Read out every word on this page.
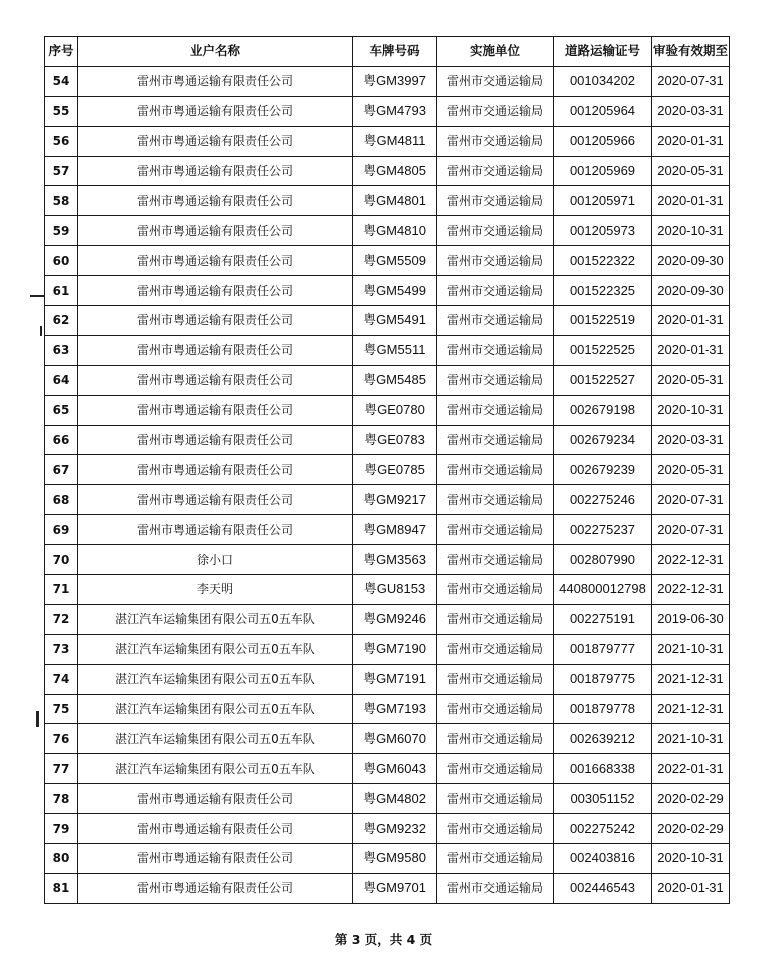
序号	业户名称	车牌号码	实施单位	道路运输证号	审验有效期至
54	雷州市粤通运输有限责任公司	粤GM3997	雷州市交通运输局	001034202	2020-07-31
55	雷州市粤通运输有限责任公司	粤GM4793	雷州市交通运输局	001205964	2020-03-31
56	雷州市粤通运输有限责任公司	粤GM4811	雷州市交通运输局	001205966	2020-01-31
57	雷州市粤通运输有限责任公司	粤GM4805	雷州市交通运输局	001205969	2020-05-31
58	雷州市粤通运输有限责任公司	粤GM4801	雷州市交通运输局	001205971	2020-01-31
59	雷州市粤通运输有限责任公司	粤GM4810	雷州市交通运输局	001205973	2020-10-31
60	雷州市粤通运输有限责任公司	粤GM5509	雷州市交通运输局	001522322	2020-09-30
61	雷州市粤通运输有限责任公司	粤GM5499	雷州市交通运输局	001522325	2020-09-30
62	雷州市粤通运输有限责任公司	粤GM5491	雷州市交通运输局	001522519	2020-01-31
63	雷州市粤通运输有限责任公司	粤GM5511	雷州市交通运输局	001522525	2020-01-31
64	雷州市粤通运输有限责任公司	粤GM5485	雷州市交通运输局	001522527	2020-05-31
65	雷州市粤通运输有限责任公司	粤GE0780	雷州市交通运输局	002679198	2020-10-31
66	雷州市粤通运输有限责任公司	粤GE0783	雷州市交通运输局	002679234	2020-03-31
67	雷州市粤通运输有限责任公司	粤GE0785	雷州市交通运输局	002679239	2020-05-31
68	雷州市粤通运输有限责任公司	粤GM9217	雷州市交通运输局	002275246	2020-07-31
69	雷州市粤通运输有限责任公司	粤GM8947	雷州市交通运输局	002275237	2020-07-31
70	徐小口	粤GM3563	雷州市交通运输局	002807990	2022-12-31
71	李天明	粤GU8153	雷州市交通运输局	440800012798	2022-12-31
72	湛江汽车运输集团有限公司五0五车队	粤GM9246	雷州市交通运输局	002275191	2019-06-30
73	湛江汽车运输集团有限公司五0五车队	粤GM7190	雷州市交通运输局	001879777	2021-10-31
74	湛江汽车运输集团有限公司五0五车队	粤GM7191	雷州市交通运输局	001879775	2021-12-31
75	湛江汽车运输集团有限公司五0五车队	粤GM7193	雷州市交通运输局	001879778	2021-12-31
76	湛江汽车运输集团有限公司五0五车队	粤GM6070	雷州市交通运输局	002639212	2021-10-31
77	湛江汽车运输集团有限公司五0五车队	粤GM6043	雷州市交通运输局	001668338	2022-01-31
78	雷州市粤通运输有限责任公司	粤GM4802	雷州市交通运输局	003051152	2020-02-29
79	雷州市粤通运输有限责任公司	粤GM9232	雷州市交通运输局	002275242	2020-02-29
80	雷州市粤通运输有限责任公司	粤GM9580	雷州市交通运输局	002403816	2020-10-31
81	雷州市粤通运输有限责任公司	粤GM9701	雷州市交通运输局	002446543	2020-01-31
第 3 页，共 4 页
